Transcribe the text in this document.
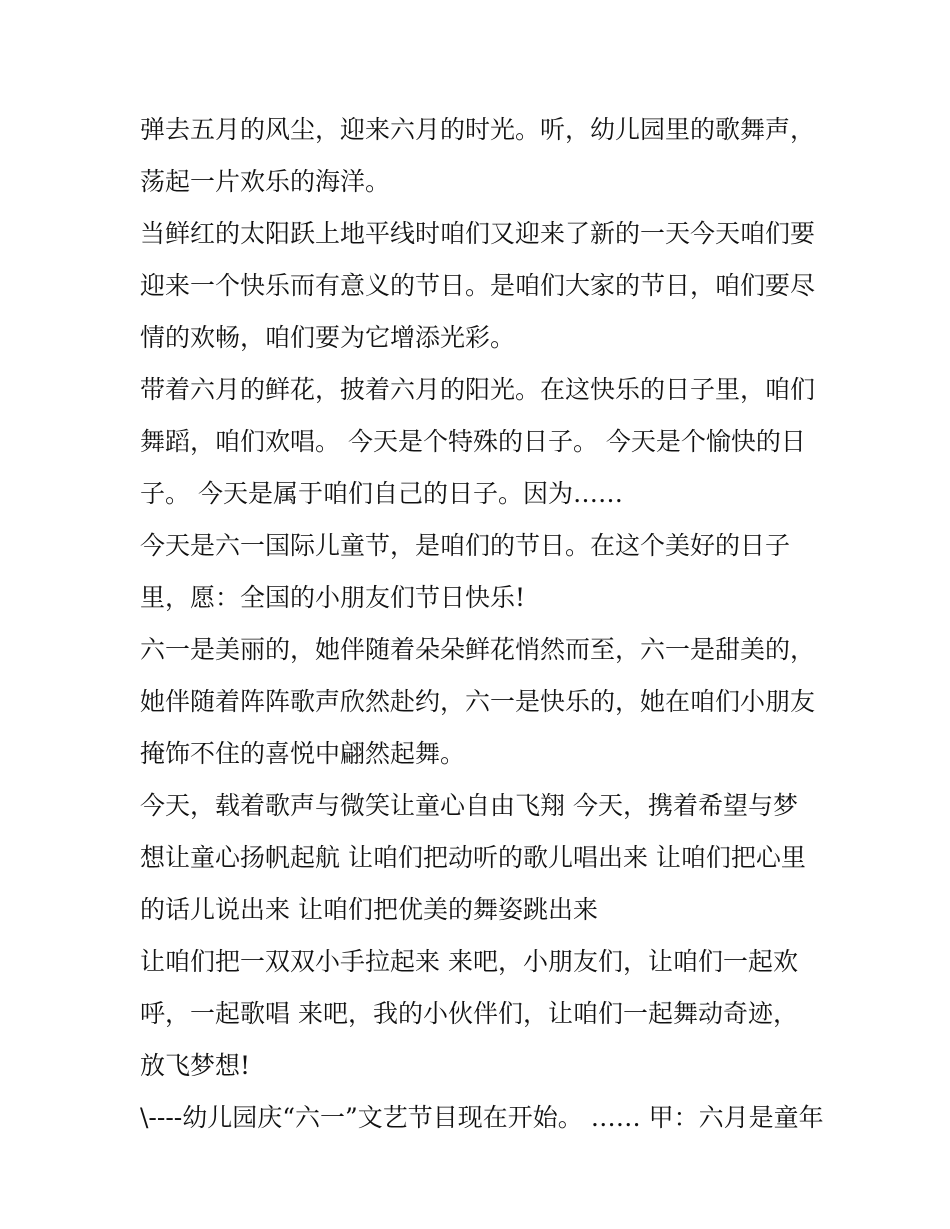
弹去五月的风尘，迎来六月的时光。听，幼儿园里的歌舞声，
荡起一片欢乐的海洋。
当鲜红的太阳跃上地平线时咱们又迎来了新的一天今天咱们要
迎来一个快乐而有意义的节日。是咱们大家的节日，咱们要尽
情的欢畅，咱们要为它增添光彩。
带着六月的鲜花，披着六月的阳光。在这快乐的日子里，咱们
舞蹈，咱们欢唱。 今天是个特殊的日子。 今天是个愉快的日
子。 今天是属于咱们自己的日子。因为……
今天是六一国际儿童节，是咱们的节日。在这个美好的日子
里，愿：全国的小朋友们节日快乐!
六一是美丽的，她伴随着朵朵鲜花悄然而至，六一是甜美的，
她伴随着阵阵歌声欣然赴约，六一是快乐的，她在咱们小朋友
掩饰不住的喜悦中翩然起舞。
今天，载着歌声与微笑让童心自由飞翔 今天，携着希望与梦
想让童心扬帆起航 让咱们把动听的歌儿唱出来 让咱们把心里
的话儿说出来 让咱们把优美的舞姿跳出来
让咱们把一双双小手拉起来 来吧，小朋友们，让咱们一起欢
呼，一起歌唱 来吧，我的小伙伴们，让咱们一起舞动奇迹，
放飞梦想!
\----幼儿园庆“六一”文艺节目现在开始。 …… 甲：六月是童年
